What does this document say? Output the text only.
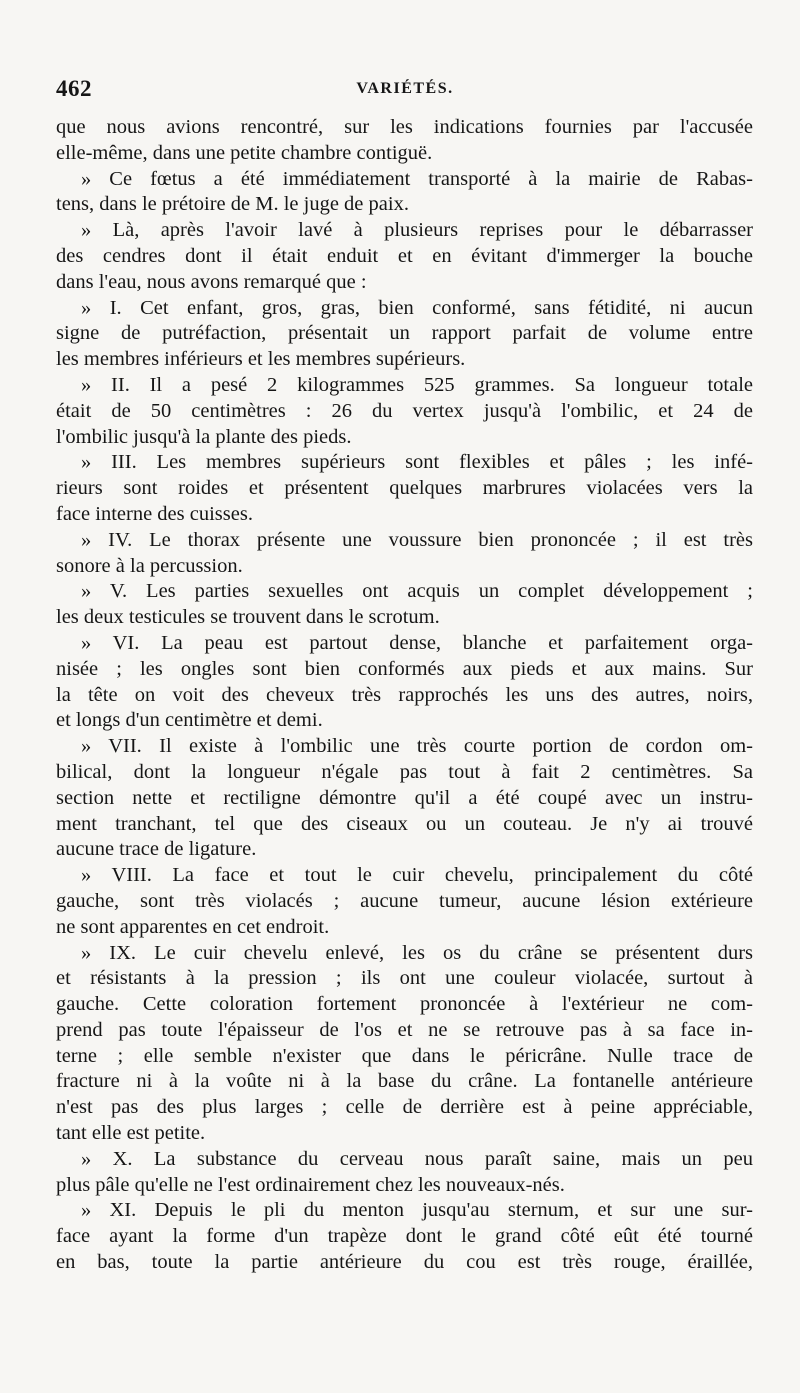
462	VARIÉTÉS.
que nous avions rencontré, sur les indications fournies par l'accusée
elle-même, dans une petite chambre contiguë.
» Ce fœtus a été immédiatement transporté à la mairie de Rabas-
tens, dans le prétoire de M. le juge de paix.
» Là, après l'avoir lavé à plusieurs reprises pour le débarrasser
des cendres dont il était enduit et en évitant d'immerger la bouche
dans l'eau, nous avons remarqué que :
» I. Cet enfant, gros, gras, bien conformé, sans fétidité, ni aucun
signe de putréfaction, présentait un rapport parfait de volume entre
les membres inférieurs et les membres supérieurs.
» II. Il a pesé 2 kilogrammes 525 grammes. Sa longueur totale
était de 50 centimètres : 26 du vertex jusqu'à l'ombilic, et 24 de
l'ombilic jusqu'à la plante des pieds.
» III. Les membres supérieurs sont flexibles et pâles ; les infé-
rieurs sont roides et présentent quelques marbrures violacées vers la
face interne des cuisses.
» IV. Le thorax présente une voussure bien prononcée ; il est très
sonore à la percussion.
» V. Les parties sexuelles ont acquis un complet développement ;
les deux testicules se trouvent dans le scrotum.
» VI. La peau est partout dense, blanche et parfaitement orga-
nisée ; les ongles sont bien conformés aux pieds et aux mains. Sur
la tête on voit des cheveux très rapprochés les uns des autres, noirs,
et longs d'un centimètre et demi.
» VII. Il existe à l'ombilic une très courte portion de cordon om-
bilical, dont la longueur n'égale pas tout à fait 2 centimètres. Sa
section nette et rectiligne démontre qu'il a été coupé avec un instru-
ment tranchant, tel que des ciseaux ou un couteau. Je n'y ai trouvé
aucune trace de ligature.
» VIII. La face et tout le cuir chevelu, principalement du côté
gauche, sont très violacés ; aucune tumeur, aucune lésion extérieure
ne sont apparentes en cet endroit.
» IX. Le cuir chevelu enlevé, les os du crâne se présentent durs
et résistants à la pression ; ils ont une couleur violacée, surtout à
gauche. Cette coloration fortement prononcée à l'extérieur ne com-
prend pas toute l'épaisseur de l'os et ne se retrouve pas à sa face in-
terne ; elle semble n'exister que dans le péricrâne. Nulle trace de
fracture ni à la voûte ni à la base du crâne. La fontanelle antérieure
n'est pas des plus larges ; celle de derrière est à peine appréciable,
tant elle est petite.
» X. La substance du cerveau nous paraît saine, mais un peu
plus pâle qu'elle ne l'est ordinairement chez les nouveaux-nés.
» XI. Depuis le pli du menton jusqu'au sternum, et sur une sur-
face ayant la forme d'un trapèze dont le grand côté eût été tourné
en bas, toute la partie antérieure du cou est très rouge, éraillée,
